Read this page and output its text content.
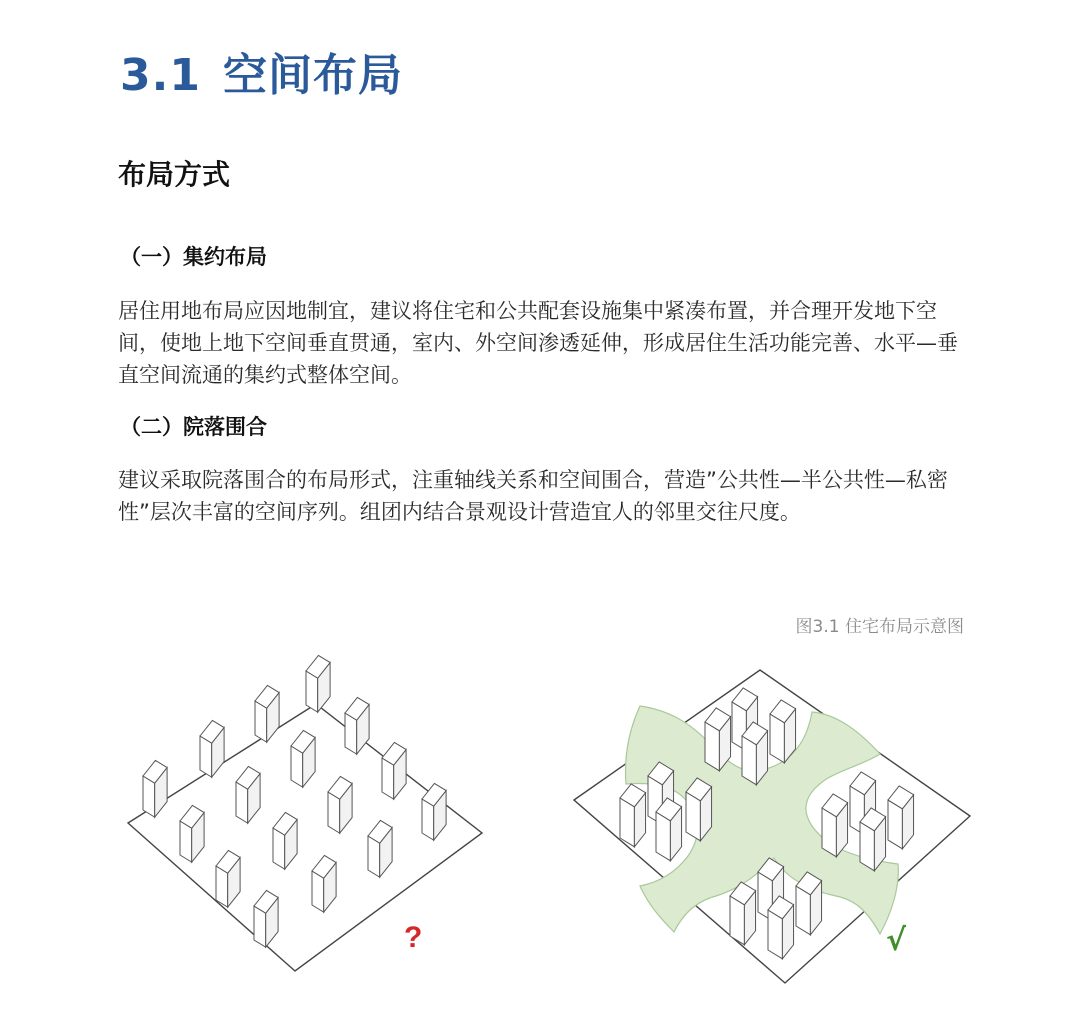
3.1 空间布局
布局方式
（一）集约布局

居住用地布局应因地制宜，建议将住宅和公共配套设施集中紧凑布置，并合理开发地下空间，使地上地下空间垂直贯通，室内、外空间渗透延伸，形成居住生活功能完善、水平—垂直空间流通的集约式整体空间。

（二）院落围合

建议采取院落围合的布局形式，注重轴线关系和空间围合，营造”公共性—半公共性—私密性”层次丰富的空间序列。组团内结合景观设计营造宜人的邻里交往尺度。

图3.1 住宅布局示意图

?	√
